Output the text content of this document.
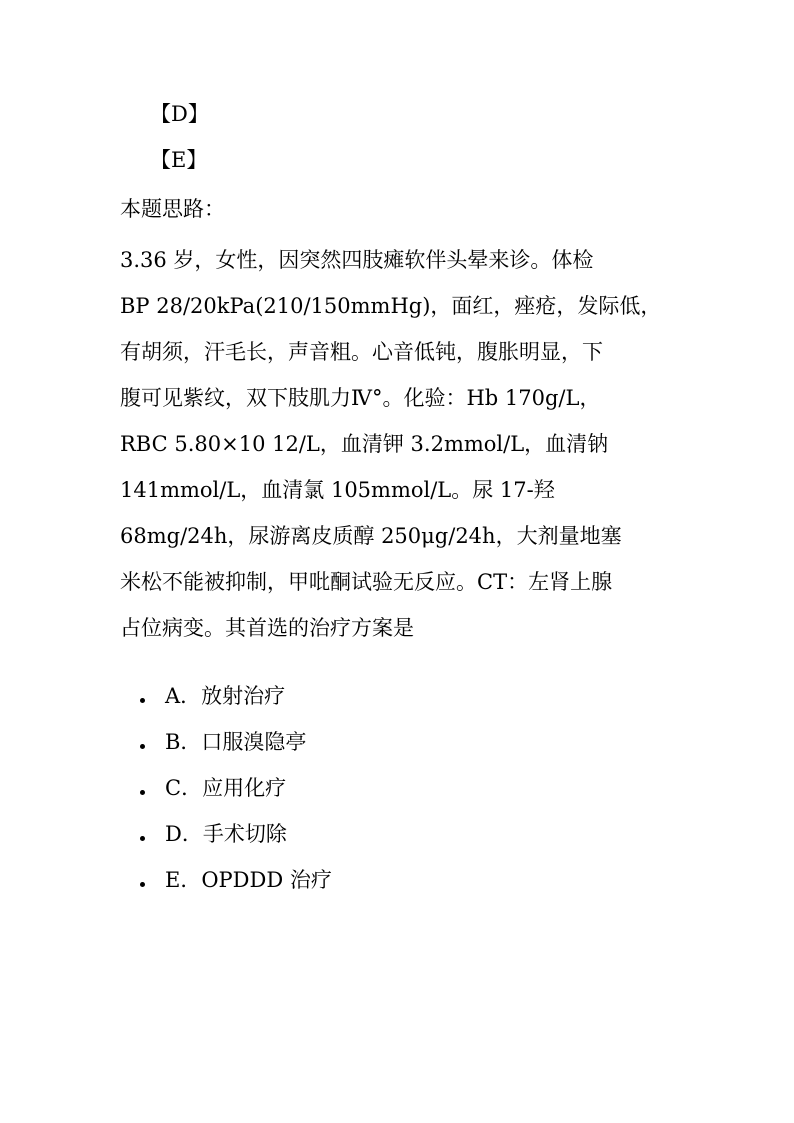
【D】
【E】
本题思路：
3.36 岁，女性，因突然四肢瘫软伴头晕来诊。体检
BP 28/20kPa(210/150mmHg)，面红，痤疮，发际低，
有胡须，汗毛长，声音粗。心音低钝，腹胀明显，下
腹可见紫纹，双下肢肌力Ⅳ°。化验：Hb 170g/L，
RBC 5.80×10 12/L，血清钾 3.2mmol/L，血清钠
141mmol/L，血清氯 105mmol/L。尿 17-羟
68mg/24h，尿游离皮质醇 250μg/24h，大剂量地塞
米松不能被抑制，甲吡酮试验无反应。CT：左肾上腺
占位病变。其首选的治疗方案是
A．放射治疗
B．口服溴隐亭
C．应用化疗
D．手术切除
E．OPDDD 治疗
